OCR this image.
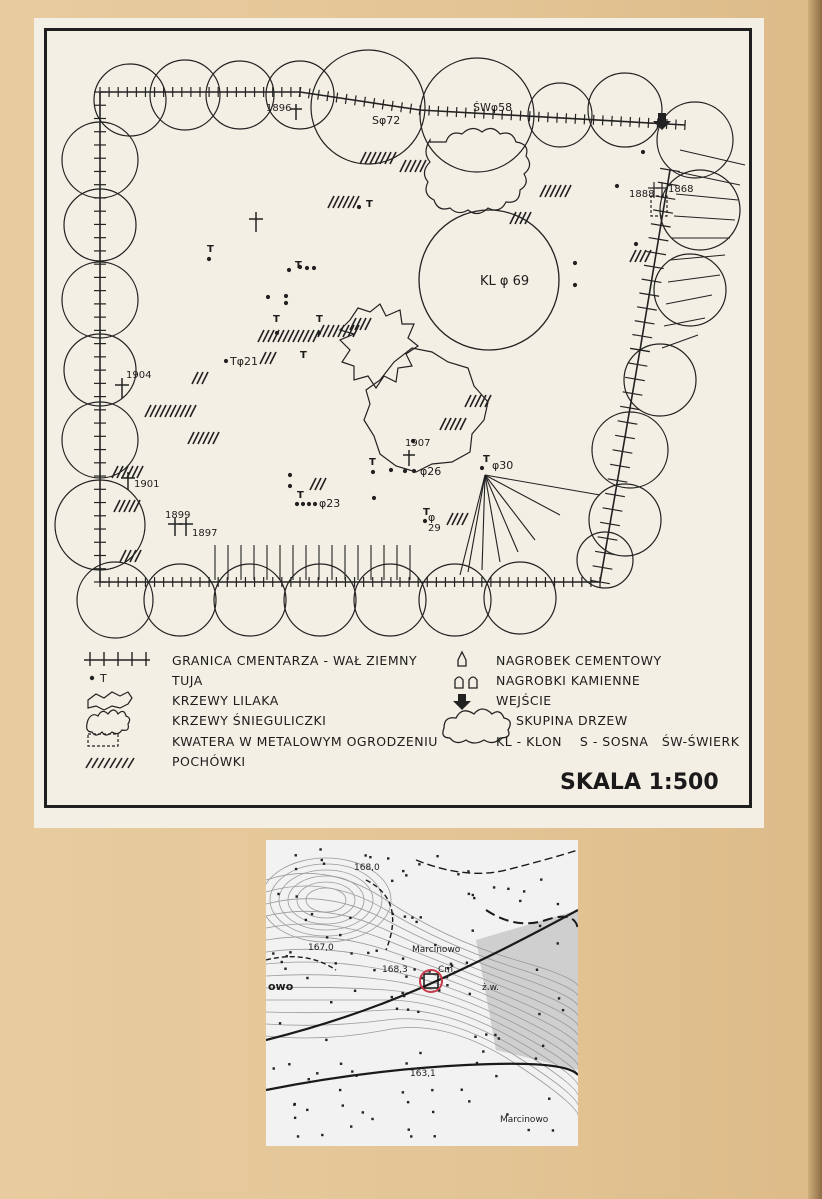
T
T
T
T	T
T
T
T
T
T
1896
Sφ72
ŚWφ58
1888 1868
KL φ 69
Tφ21
1904
1907
φ30
φ26
1901
φ23
1899
1897
φ
29
T
GRANICA CMENTARZA - WAŁ ZIEMNY
TUJA
KRZEWY LILAKA
KRZEWY ŚNIEGULICZKI
KWATERA W METALOWYM OGRODZENIU
POCHÓWKI
NAGROBEK CEMENTOWY
NAGROBKI KAMIENNE
WEJŚCIE
SKUPINA DRZEW
KL - KLON    S - SOSNA   ŚW-ŚWIERK
SKALA 1:500
168,0
167,0	Marcinowo
168,3
owo
Cm.
ż.w.
163,1
Marcinowo
